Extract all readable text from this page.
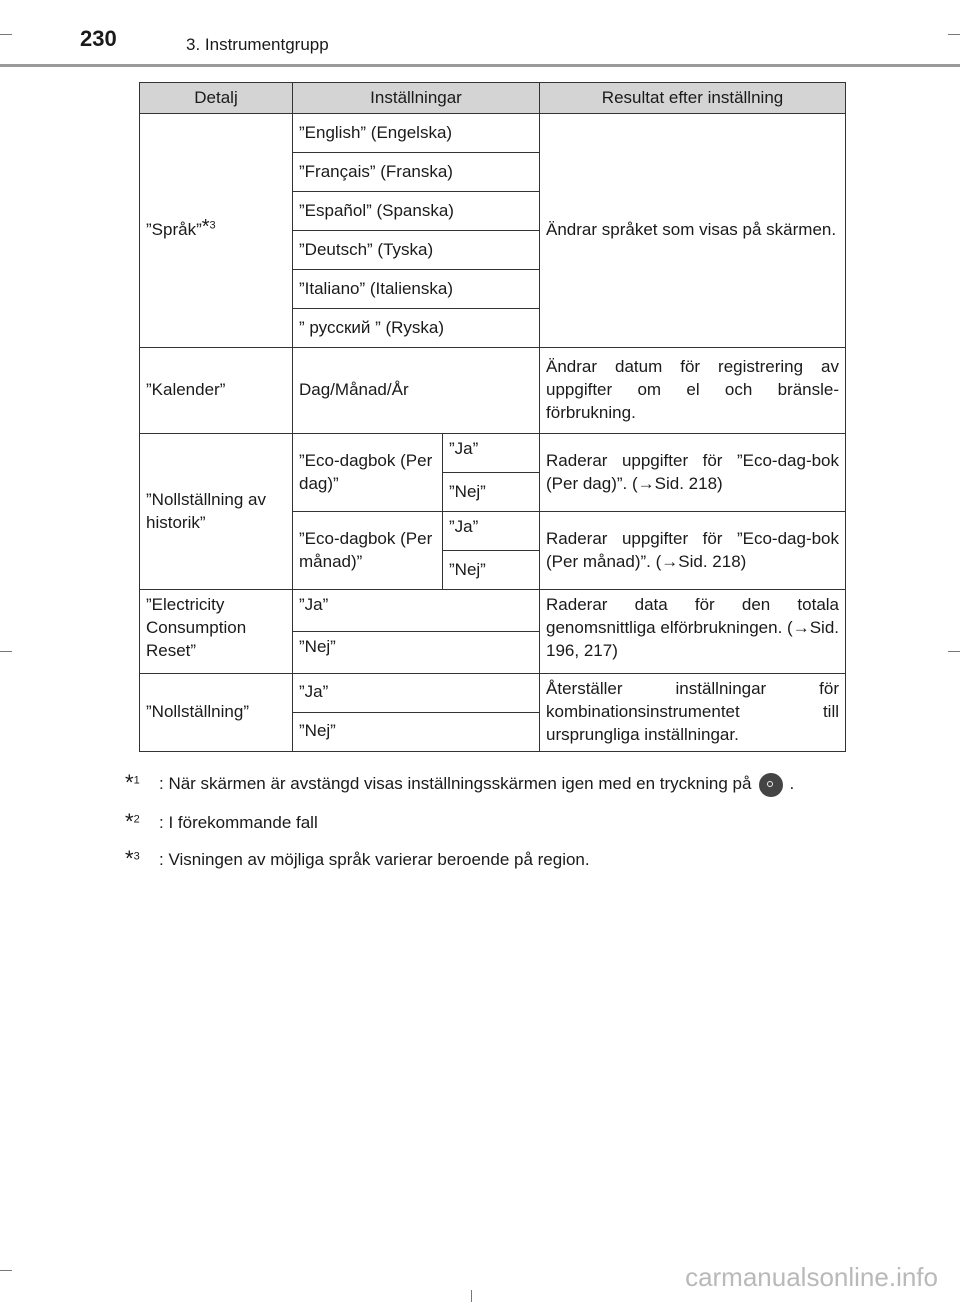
230	3. Instrumentgrupp
Detalj	Inställningar		Resultat efter inställning
”Språk”*$^3$	”English” (Engelska)		Ändrar språket som visas på skärmen.
	”Français” (Franska)		
	”Español” (Spanska)		
	”Deutsch” (Tyska)		
	”Italiano” (Italienska)		
	” русский ” (Ryska)		
”Kalender”	Dag/Månad/År		Ändrar datum för registrering av uppgifter om el och bränsle-förbrukning.
”Nollställning av historik”	”Eco-dagbok (Per dag)”	”Ja”	Raderar uppgifter för ”Eco-dag-bok (Per dag)”. (→Sid. 218)
		”Nej”	
	”Eco-dagbok (Per månad)”	”Ja”	Raderar uppgifter för ”Eco-dag-bok (Per månad)”. (→Sid. 218)
		”Nej”	
”Electricity Consumption Reset”	”Ja”		Raderar data för den totala genomsnittliga elförbrukningen. (→Sid. 196, 217)
	”Nej”		
”Nollställning”	”Ja”		Återställer inställningar för kombinationsinstrumentet till ursprungliga inställningar.
	”Nej”		
*$^1$ : När skärmen är avstängd visas inställningsskärmen igen med en tryckning på .
*$^2$ : I förekommande fall
*$^3$ : Visningen av möjliga språk varierar beroende på region.
carmanualsonline.info
